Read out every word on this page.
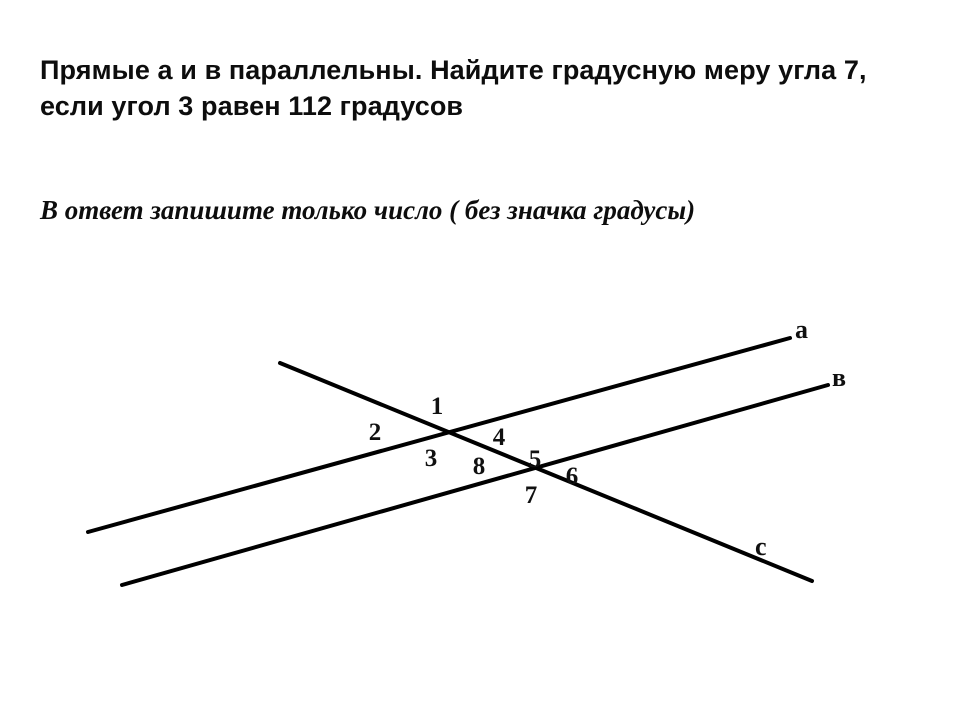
Прямые а и в параллельны. Найдите градусную меру угла 7, если угол 3 равен 112 градусов
В ответ запишите только число ( без значка градусы)
а
в
с
1
2
3
4
5
6
7
8
